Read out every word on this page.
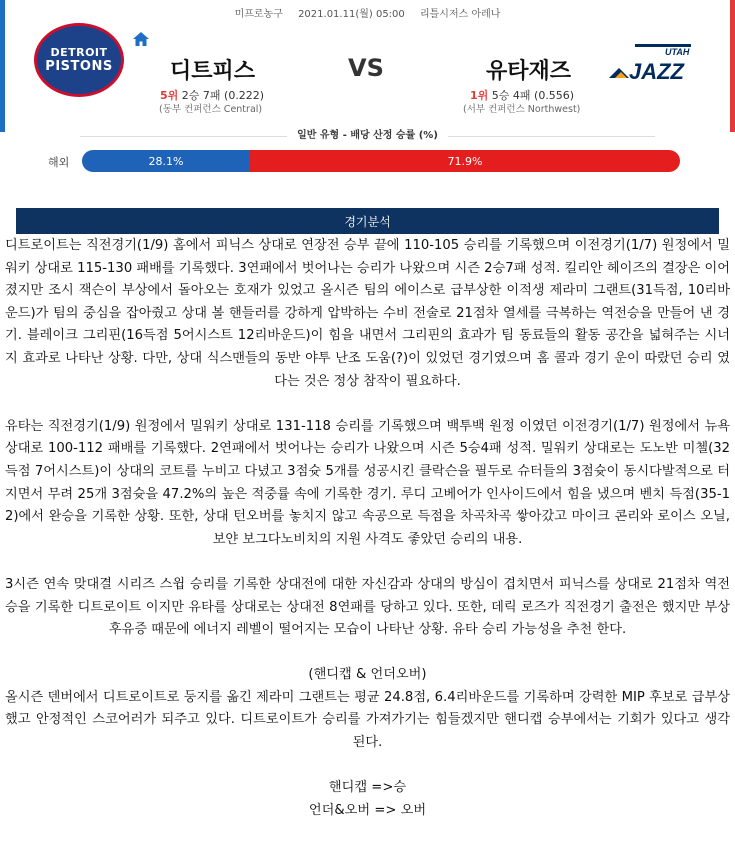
미프로농구 2021.01.11(월) 05:00 리틀시저스 아레나
DETROIT
PISTONS	디트피스	VS	유타재즈
UTAH
JAZZ
5위 2승 7패 (0.222)
(동부 컨퍼런스 Central)
1위 5승 4패 (0.556)
(서부 컨퍼런스 Northwest)
일반 유형 - 배당 산정 승률 (%)
해외	28.1%	71.9%
경기분석

디트로이트는 직전경기(1/9) 홈에서 피닉스 상대로 연장전 승부 끝에 110-105 승리를 기록했으며 이전경기(1/7) 원정에서 밀워키 상대로 115-130 패배를 기록했다. 3연패에서 벗어나는 승리가 나왔으며 시즌 2승7패 성적. 킬리안 헤이즈의 결장은 이어졌지만 조시 잭슨이 부상에서 돌아오는 호재가 있었고 올시즌 팀의 에이스로 급부상한 이적생 제라미 그랜트(31득점, 10리바운드)가 팀의 중심을 잡아줬고 상대 볼 핸들러를 강하게 압박하는 수비 전술로 21점차 열세를 극복하는 역전승을 만들어 낸 경기. 블레이크 그리핀(16득점 5어시스트 12리바운드)이 힘을 내면서 그리핀의 효과가 팀 동료들의 활동 공간을 넓혀주는 시너지 효과로 나타난 상황. 다만, 상대 식스맨들의 동반 야투 난조 도움(?)이 있었던 경기였으며 홈 콜과 경기 운이 따랐던 승리 였다는 것은 정상 참작이 필요하다.

유타는 직전경기(1/9) 원정에서 밀워키 상대로 131-118 승리를 기록했으며 백투백 원정 이였던 이전경기(1/7) 원정에서 뉴욕 상대로 100-112 패배를 기록했다. 2연패에서 벗어나는 승리가 나왔으며 시즌 5승4패 성적. 밀워키 상대로는 도노반 미첼(32득점 7어시스트)이 상대의 코트를 누비고 다녔고 3점슛 5개를 성공시킨 클락슨을 필두로 슈터들의 3점슛이 동시다발적으로 터지면서 무려 25개 3점슛을 47.2%의 높은 적중률 속에 기록한 경기. 루디 고베어가 인사이드에서 힘을 냈으며 벤치 득점(35-12)에서 완승을 기록한 상황. 또한, 상대 턴오버를 놓치지 않고 속공으로 득점을 차곡차곡 쌓아갔고 마이크 콘리와 로이스 오닐, 보얀 보그다노비치의 지원 사격도 좋았던 승리의 내용.

3시즌 연속 맞대결 시리즈 스윕 승리를 기록한 상대전에 대한 자신감과 상대의 방심이 겹치면서 피닉스를 상대로 21점차 역전승을 기록한 디트로이트 이지만 유타를 상대로는 상대전 8연패를 당하고 있다. 또한, 데릭 로즈가 직전경기 출전은 했지만 부상 후유증 때문에 에너지 레벨이 떨어지는 모습이 나타난 상황. 유타 승리 가능성을 추천 한다.

(핸디캡 & 언더오버)

올시즌 덴버에서 디트로이트로 둥지를 옮긴 제라미 그랜트는 평균 24.8점, 6.4리바운드를 기록하며 강력한 MIP 후보로 급부상 했고 안정적인 스코어러가 되주고 있다. 디트로이트가 승리를 가져가기는 힘들겠지만 핸디캡 승부에서는 기회가 있다고 생각 된다.

핸디캡 =>승

언더&오버 => 오버
